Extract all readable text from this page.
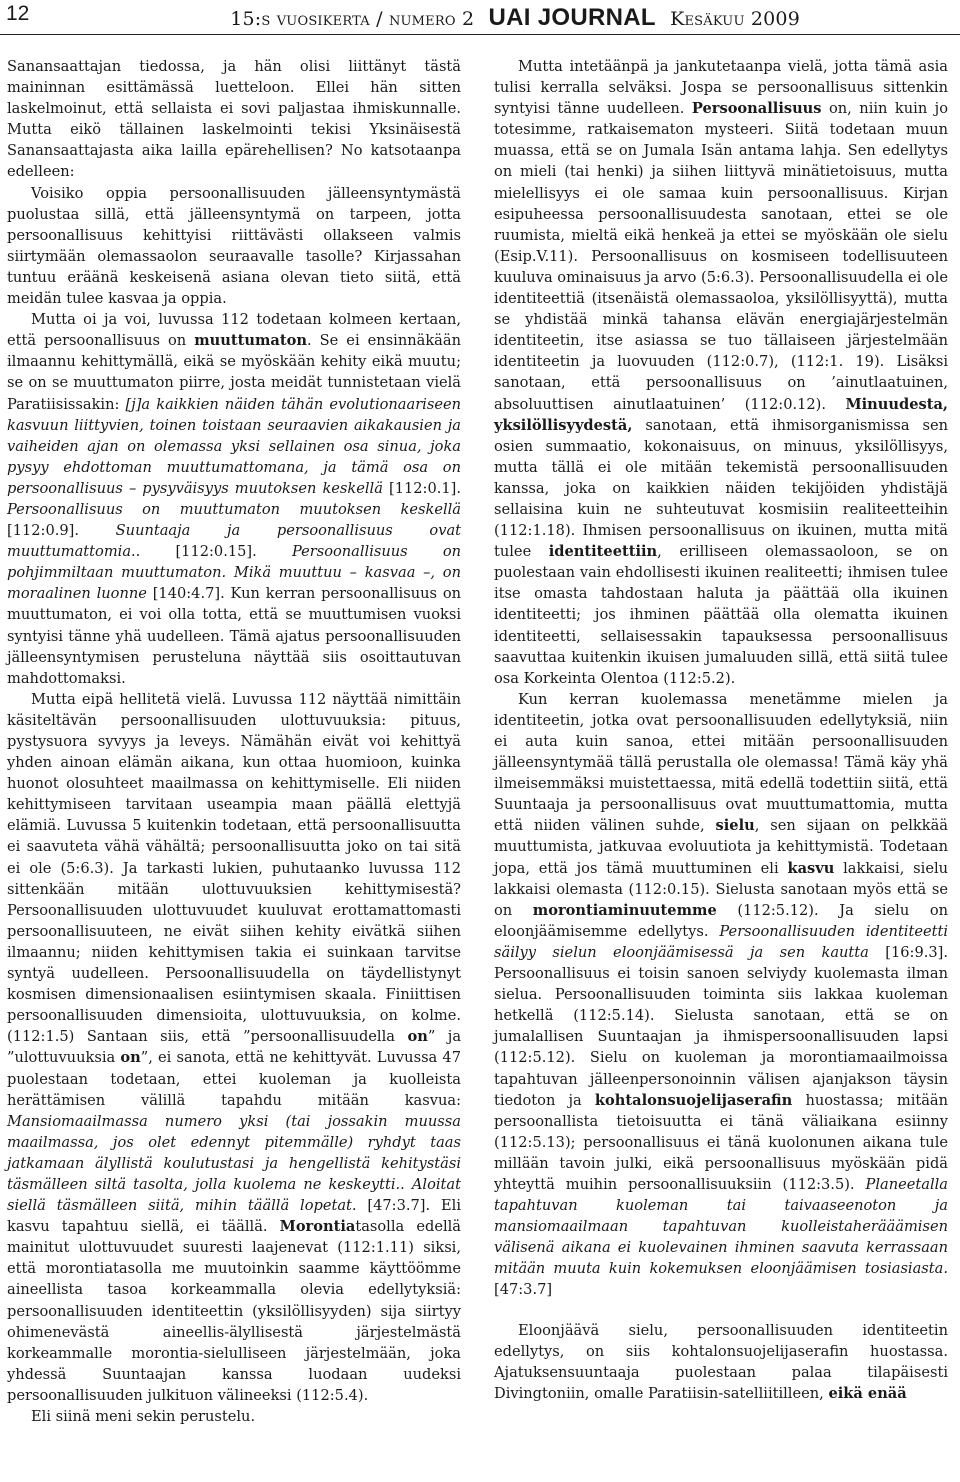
12	15:s vuosikerta / numero 2 UAI JOURNAL Kesäkuu 2009

Sanansaattajan tiedossa, ja hän olisi liittänyt tästä maininnan esittämässä luetteloon. Ellei hän sitten laskelmoinut, että sellaista ei sovi paljastaa ihmiskunnalle. Mutta eikö tällainen laskelmointi tekisi Yksinäisestä Sanansaattajasta aika lailla epärehellisen? No katsotaanpa edelleen:

Voisiko oppia persoonallisuuden jälleensyntymästä puolustaa sillä, että jälleensyntymä on tarpeen, jotta persoonallisuus kehittyisi riittävästi ollakseen valmis siirtymään olemassaolon seuraavalle tasolle? Kirjassahan tuntuu eräänä keskeisenä asiana olevan tieto siitä, että meidän tulee kasvaa ja oppia.

Mutta oi ja voi, luvussa 112 todetaan kolmeen kertaan, että persoonallisuus on muuttumaton. Se ei ensinnäkään ilmaannu kehittymällä, eikä se myöskään kehity eikä muutu; se on se muuttumaton piirre, josta meidät tunnistetaan vielä Paratiisissakin: [j]a kaikkien näiden tähän evolutionaariseen kasvuun liittyvien, toinen toistaan seuraavien aikakausien ja vaiheiden ajan on olemassa yksi sellainen osa sinua, joka pysyy ehdottoman muuttumattomana, ja tämä osa on persoonallisuus – pysyväisyys muutoksen keskellä [112:0.1]. Persoonallisuus on muuttumaton muutoksen keskellä [112:0.9].	Suuntaaja ja persoonallisuus ovat muuttumattomia.. [112:0.15]. Persoonallisuus on pohjimmiltaan muuttumaton. Mikä muuttuu – kasvaa –, on moraalinen luonne [140:4.7]. Kun kerran persoonallisuus on muuttumaton, ei voi olla totta, että se muuttumisen vuoksi syntyisi tänne yhä uudelleen. Tämä ajatus persoonallisuuden jälleensyntymisen perusteluna näyttää siis osoittautuvan mahdottomaksi.

Mutta eipä hellitetä vielä. Luvussa 112 näyttää nimittäin käsiteltävän persoonallisuuden ulottuvuuksia: pituus, pystysuora syvyys ja leveys. Nämähän eivät voi kehittyä yhden ainoan elämän aikana, kun ottaa huomioon, kuinka huonot olosuhteet maailmassa on kehittymiselle. Eli niiden kehittymiseen tarvitaan useampia maan päällä elettyjä elämiä. Luvussa 5 kuitenkin todetaan, että persoonallisuutta ei saavuteta vähä vähältä; persoonallisuutta joko on tai sitä ei ole (5:6.3). Ja tarkasti lukien, puhutaanko luvussa 112 sittenkään mitään ulottuvuuksien kehittymisestä? Persoonallisuuden ulottuvuudet kuuluvat erottamattomasti persoonallisuuteen, ne eivät siihen kehity eivätkä siihen ilmaannu; niiden kehittymisen takia ei suinkaan tarvitse syntyä uudelleen. Persoonallisuudella on täydellistynyt kosmisen dimensionaalisen esiintymisen skaala. Finiittisen persoonallisuuden dimensioita, ulottuvuuksia, on kolme. (112:1.5) Santaan siis, että ”persoonallisuudella on” ja ”ulottuvuuksia on”, ei sanota, että ne kehittyvät. Luvussa 47 puolestaan todetaan, ettei kuoleman ja kuolleista herättämisen välillä tapahdu mitään kasvua: Mansiomaailmassa numero yksi (tai jossakin muussa maailmassa, jos olet edennyt pitemmälle) ryhdyt taas jatkamaan älyllistä koulutustasi ja hengellistä kehitystäsi täsmälleen siltä tasolta, jolla kuolema ne keskeytti.. Aloitat siellä täsmälleen siitä, mihin täällä lopetat. [47:3.7]. Eli kasvu tapahtuu siellä, ei täällä. Morontiatasolla edellä mainitut ulottuvuudet suuresti laajenevat (112:1.11) siksi, että morontiatasolla me muutoinkin saamme käyttöömme aineellista tasoa korkeammalla olevia edellytyksiä: persoonallisuuden identiteettin (yksilöllisyyden) sija siirtyy ohimenevästä aineellis-älyllisestä järjestelmästä korkeammalle morontia-sielulliseen järjestelmään, joka yhdessä Suuntaajan kanssa luodaan uudeksi persoonallisuuden julkituon välineeksi (112:5.4).

Eli siinä meni sekin perustelu.

Mutta intetäänpä ja jankutetaanpa vielä, jotta tämä asia tulisi kerralla selväksi. Jospa se persoonallisuus sittenkin syntyisi tänne uudelleen. Persoonallisuus on, niin kuin jo totesimme, ratkaisematon mysteeri. Siitä todetaan muun muassa, että se on Jumala Isän antama lahja. Sen edellytys on mieli (tai henki) ja siihen liittyvä minätietoisuus, mutta mielellisyys ei ole samaa kuin persoonallisuus. Kirjan esipuheessa persoonallisuudesta sanotaan, ettei se ole ruumista, mieltä eikä henkeä ja ettei se myöskään ole sielu (Esip.V.11). Persoonallisuus on kosmiseen todellisuuteen kuuluva ominaisuus ja arvo (5:6.3). Persoonallisuudella ei ole identiteettiä (itsenäistä olemassaoloa, yksilöllisyyttä), mutta se yhdistää minkä tahansa elävän energiajärjestelmän identiteetin, itse asiassa se tuo tällaiseen järjestelmään identiteetin ja luovuuden (112:0.7), (112:1. 19). Lisäksi sanotaan, että persoonallisuus on ’ainutlaatuinen, absoluuttisen ainutlaatuinen’ (112:0.12). Minuudesta, yksilöllisyydestä, sanotaan, että ihmisorganismissa sen osien summaatio, kokonaisuus, on minuus, yksilöllisyys, mutta tällä ei ole mitään tekemistä persoonallisuuden kanssa, joka on kaikkien näiden tekijöiden yhdistäjä sellaisina kuin ne suhteutuvat kosmisiin realiteetteihin (112:1.18). Ihmisen persoonallisuus on ikuinen, mutta mitä tulee identiteettiin, erilliseen olemassaoloon, se on puolestaan vain ehdollisesti ikuinen realiteetti; ihmisen tulee itse omasta tahdostaan haluta ja päättää olla ikuinen identiteetti; jos ihminen päättää olla olematta ikuinen identiteetti, sellaisessakin tapauksessa persoonallisuus saavuttaa kuitenkin ikuisen jumaluuden sillä, että siitä tulee osa Korkeinta Olentoa (112:5.2).

Kun kerran kuolemassa menetämme mielen ja identiteetin, jotka ovat persoonallisuuden edellytyksiä, niin ei auta kuin sanoa, ettei mitään persoonallisuuden jälleensyntymää tällä perustalla ole olemassa! Tämä käy yhä ilmeisemmäksi muistettaessa, mitä edellä todettiin siitä, että Suuntaaja ja persoonallisuus ovat muuttumattomia, mutta että niiden välinen suhde, sielu, sen sijaan on pelkkää muuttumista, jatkuvaa evoluutiota ja kehittymistä. Todetaan jopa, että jos tämä muuttuminen eli kasvu lakkaisi, sielu lakkaisi olemasta (112:0.15). Sielusta sanotaan myös että se on morontiaminuutemme (112:5.12). Ja sielu on eloonjäämisemme edellytys. Persoonallisuuden identiteetti säilyy sielun eloonjäämisessä ja sen kautta [16:9.3]. Persoonallisuus ei toisin sanoen selviydy kuolemasta ilman sielua. Persoonallisuuden toiminta siis lakkaa kuoleman hetkellä (112:5.14). Sielusta sanotaan, että se on jumalallisen Suuntaajan ja ihmispersoonallisuuden lapsi (112:5.12). Sielu on kuoleman ja morontiamaailmoissa tapahtuvan jälleenpersonoinnin välisen ajanjakson täysin tiedoton ja kohtalonsuojelijaserafin huostassa; mitään persoonallista tietoisuutta ei tänä väliaikana esiinny (112:5.13); persoonallisuus ei tänä kuolonunen aikana tule millään tavoin julki, eikä persoonallisuus myöskään pidä yhteyttä muihin persoonallisuuksiin (112:3.5). Planeetalla tapahtuvan kuoleman tai taivaaseenoton ja mansiomaailmaan tapahtuvan kuolleistaherääämisen välisenä aikana ei kuolevainen ihminen saavuta kerrassaan mitään muuta kuin kokemuksen eloonjäämisen tosiasiasta. [47:3.7]

Eloonjäävä sielu, persoonallisuuden identiteetin edellytys, on siis kohtalonsuojelijaserafin huostassa. Ajatuksensuuntaaja puolestaan palaa tilapäisesti Divingtoniin, omalle Paratiisin-satelliitilleen, eikä enää
